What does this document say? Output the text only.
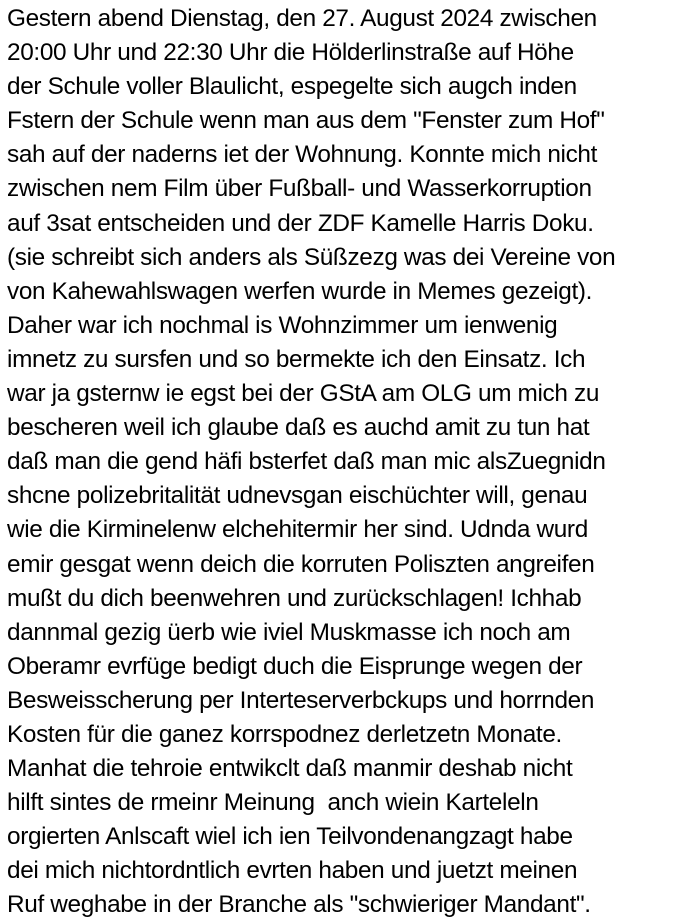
Gestern abend Dienstag, den 27. August 2024 zwischen
20:00 Uhr und 22:30 Uhr die Hölderlinstraße auf Höhe
der Schule voller Blaulicht, espegelte sich augch inden
Fstern der Schule wenn man aus dem "Fenster zum Hof"
sah auf der naderns iet der Wohnung. Konnte mich nicht
zwischen nem Film über Fußball- und Wasserkorruption
auf 3sat entscheiden und der ZDF Kamelle Harris Doku.
(sie schreibt sich anders als Süßzezg was dei Vereine von
von Kahewahlswagen werfen wurde in Memes gezeigt).
Daher war ich nochmal is Wohnzimmer um ienwenig
imnetz zu sursfen und so bermekte ich den Einsatz. Ich
war ja gsternw ie egst bei der GStA am OLG um mich zu
bescheren weil ich glaube daß es auchd amit zu tun hat
daß man die gend häfi bsterfet daß man mic alsZuegnidn
shcne polizebritalität udnevsgan eischüchter will, genau
wie die Kirminelenw elchehitermir her sind. Udnda wurd
emir gesgat wenn deich die korruten Poliszten angreifen
mußt du dich beenwehren und zurückschlagen! Ichhab
dannmal gezig üerb wie iviel Muskmasse ich noch am
Oberamr evrfüge bedigt duch die Eisprunge wegen der
Besweisscherung per Interteserverbckups und horrnden
Kosten für die ganez korrspodnez derletzetn Monate.
Manhat die tehroie entwikclt daß manmir deshab nicht
hilft sintes de rmeinr Meinung  anch wiein Karteleln
orgierten Anlscaft wiel ich ien Teilvondenangzagt habe
dei mich nichtordntlich evrten haben und juetzt meinen
Ruf weghabe in der Branche als "schwieriger Mandant".
